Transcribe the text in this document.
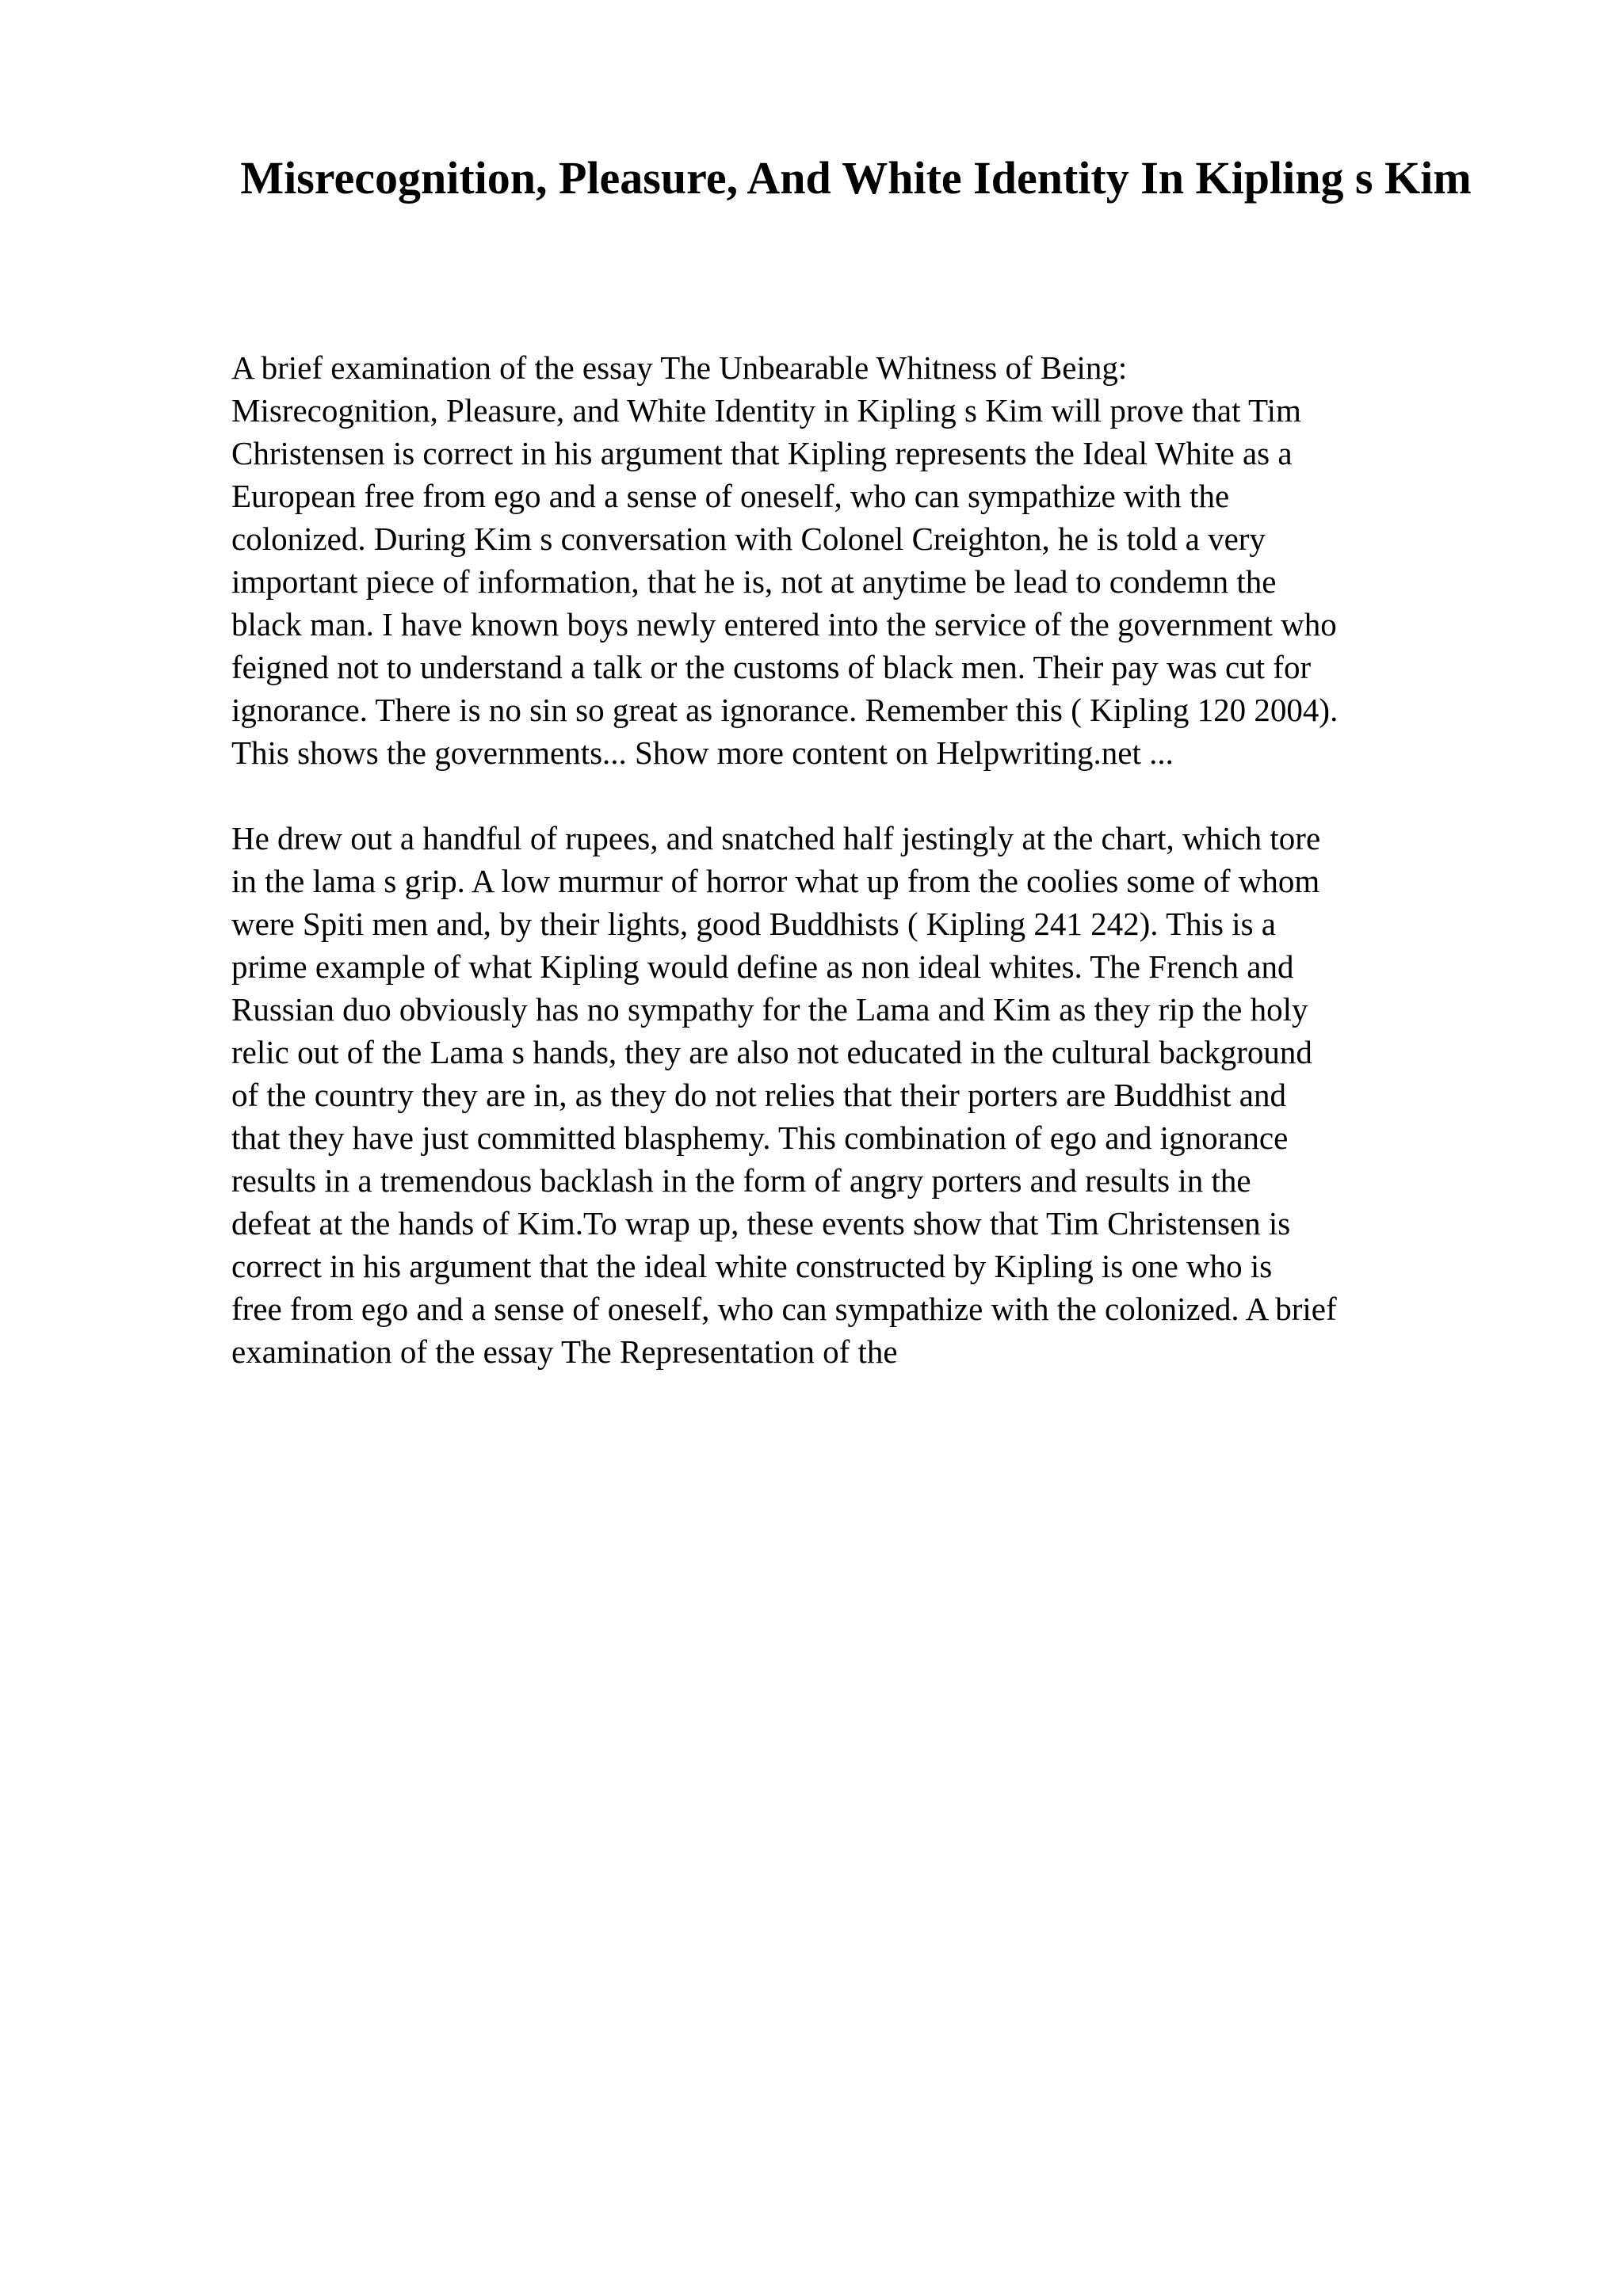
Misrecognition, Pleasure, And White Identity In Kipling s Kim

A brief examination of the essay The Unbearable Whitness of Being:
Misrecognition, Pleasure, and White Identity in Kipling s Kim will prove that Tim
Christensen is correct in his argument that Kipling represents the Ideal White as a
European free from ego and a sense of oneself, who can sympathize with the
colonized. During Kim s conversation with Colonel Creighton, he is told a very
important piece of information, that he is, not at anytime be lead to condemn the
black man. I have known boys newly entered into the service of the government who
feigned not to understand a talk or the customs of black men. Their pay was cut for
ignorance. There is no sin so great as ignorance. Remember this ( Kipling 120 2004).
This shows the governments... Show more content on Helpwriting.net ...

He drew out a handful of rupees, and snatched half jestingly at the chart, which tore
in the lama s grip. A low murmur of horror what up from the coolies some of whom
were Spiti men and, by their lights, good Buddhists ( Kipling 241 242). This is a
prime example of what Kipling would define as non ideal whites. The French and
Russian duo obviously has no sympathy for the Lama and Kim as they rip the holy
relic out of the Lama s hands, they are also not educated in the cultural background
of the country they are in, as they do not relies that their porters are Buddhist and
that they have just committed blasphemy. This combination of ego and ignorance
results in a tremendous backlash in the form of angry porters and results in the
defeat at the hands of Kim.To wrap up, these events show that Tim Christensen is
correct in his argument that the ideal white constructed by Kipling is one who is
free from ego and a sense of oneself, who can sympathize with the colonized. A brief
examination of the essay The Representation of the
